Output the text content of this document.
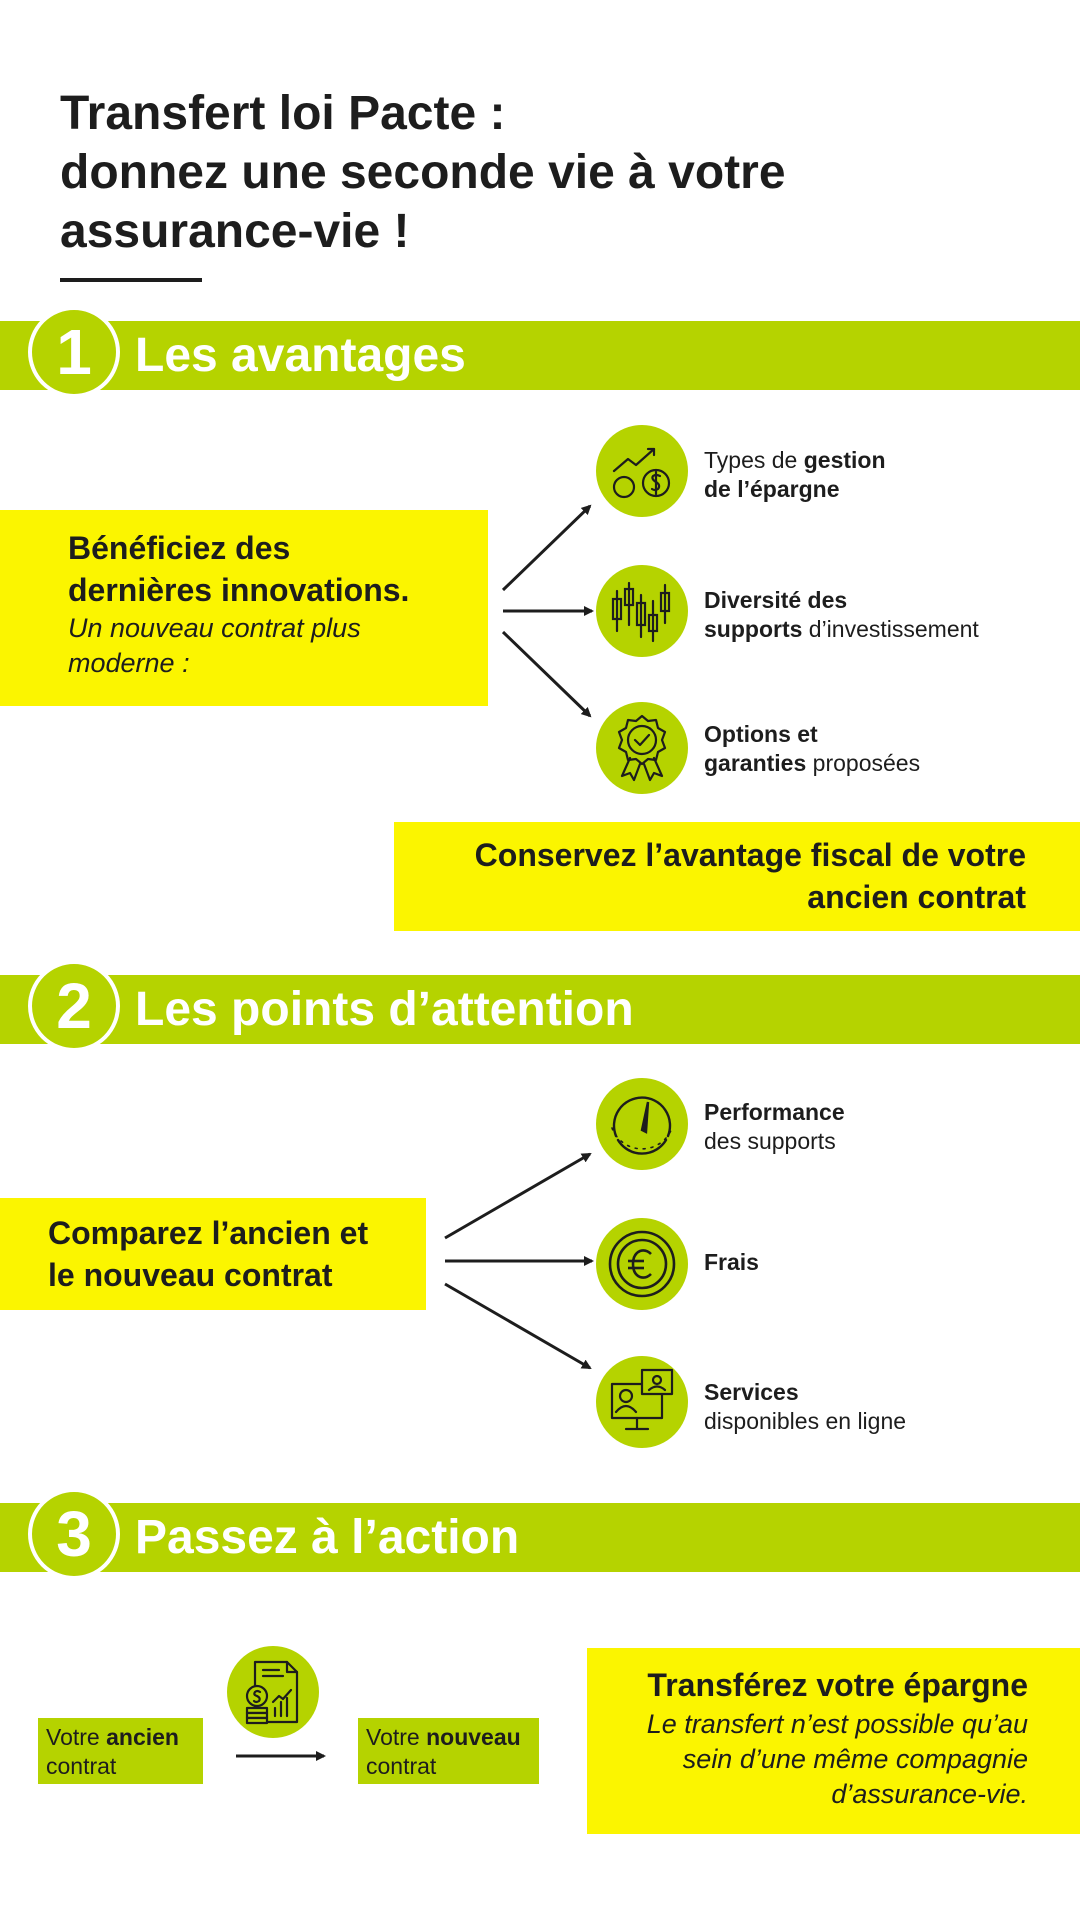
Transfert loi Pacte :
donnez une seconde vie à votre
assurance-vie !
1 Les avantages
Bénéficiez des
dernières innovations.
Un nouveau contrat plus
moderne :
Types de gestion
de l’épargne
Diversité des
supports d’investissement
Options et
garanties proposées
Conservez l’avantage fiscal de votre
ancien contrat
2 Les points d’attention
Comparez l’ancien et
le nouveau contrat
Performance
des supports
Frais
Services
disponibles en ligne
3 Passez à l’action
Votre ancien
contrat
Votre nouveau
contrat
Transférez votre épargne
Le transfert n’est possible qu’au
sein d’une même compagnie
d’assurance-vie.
